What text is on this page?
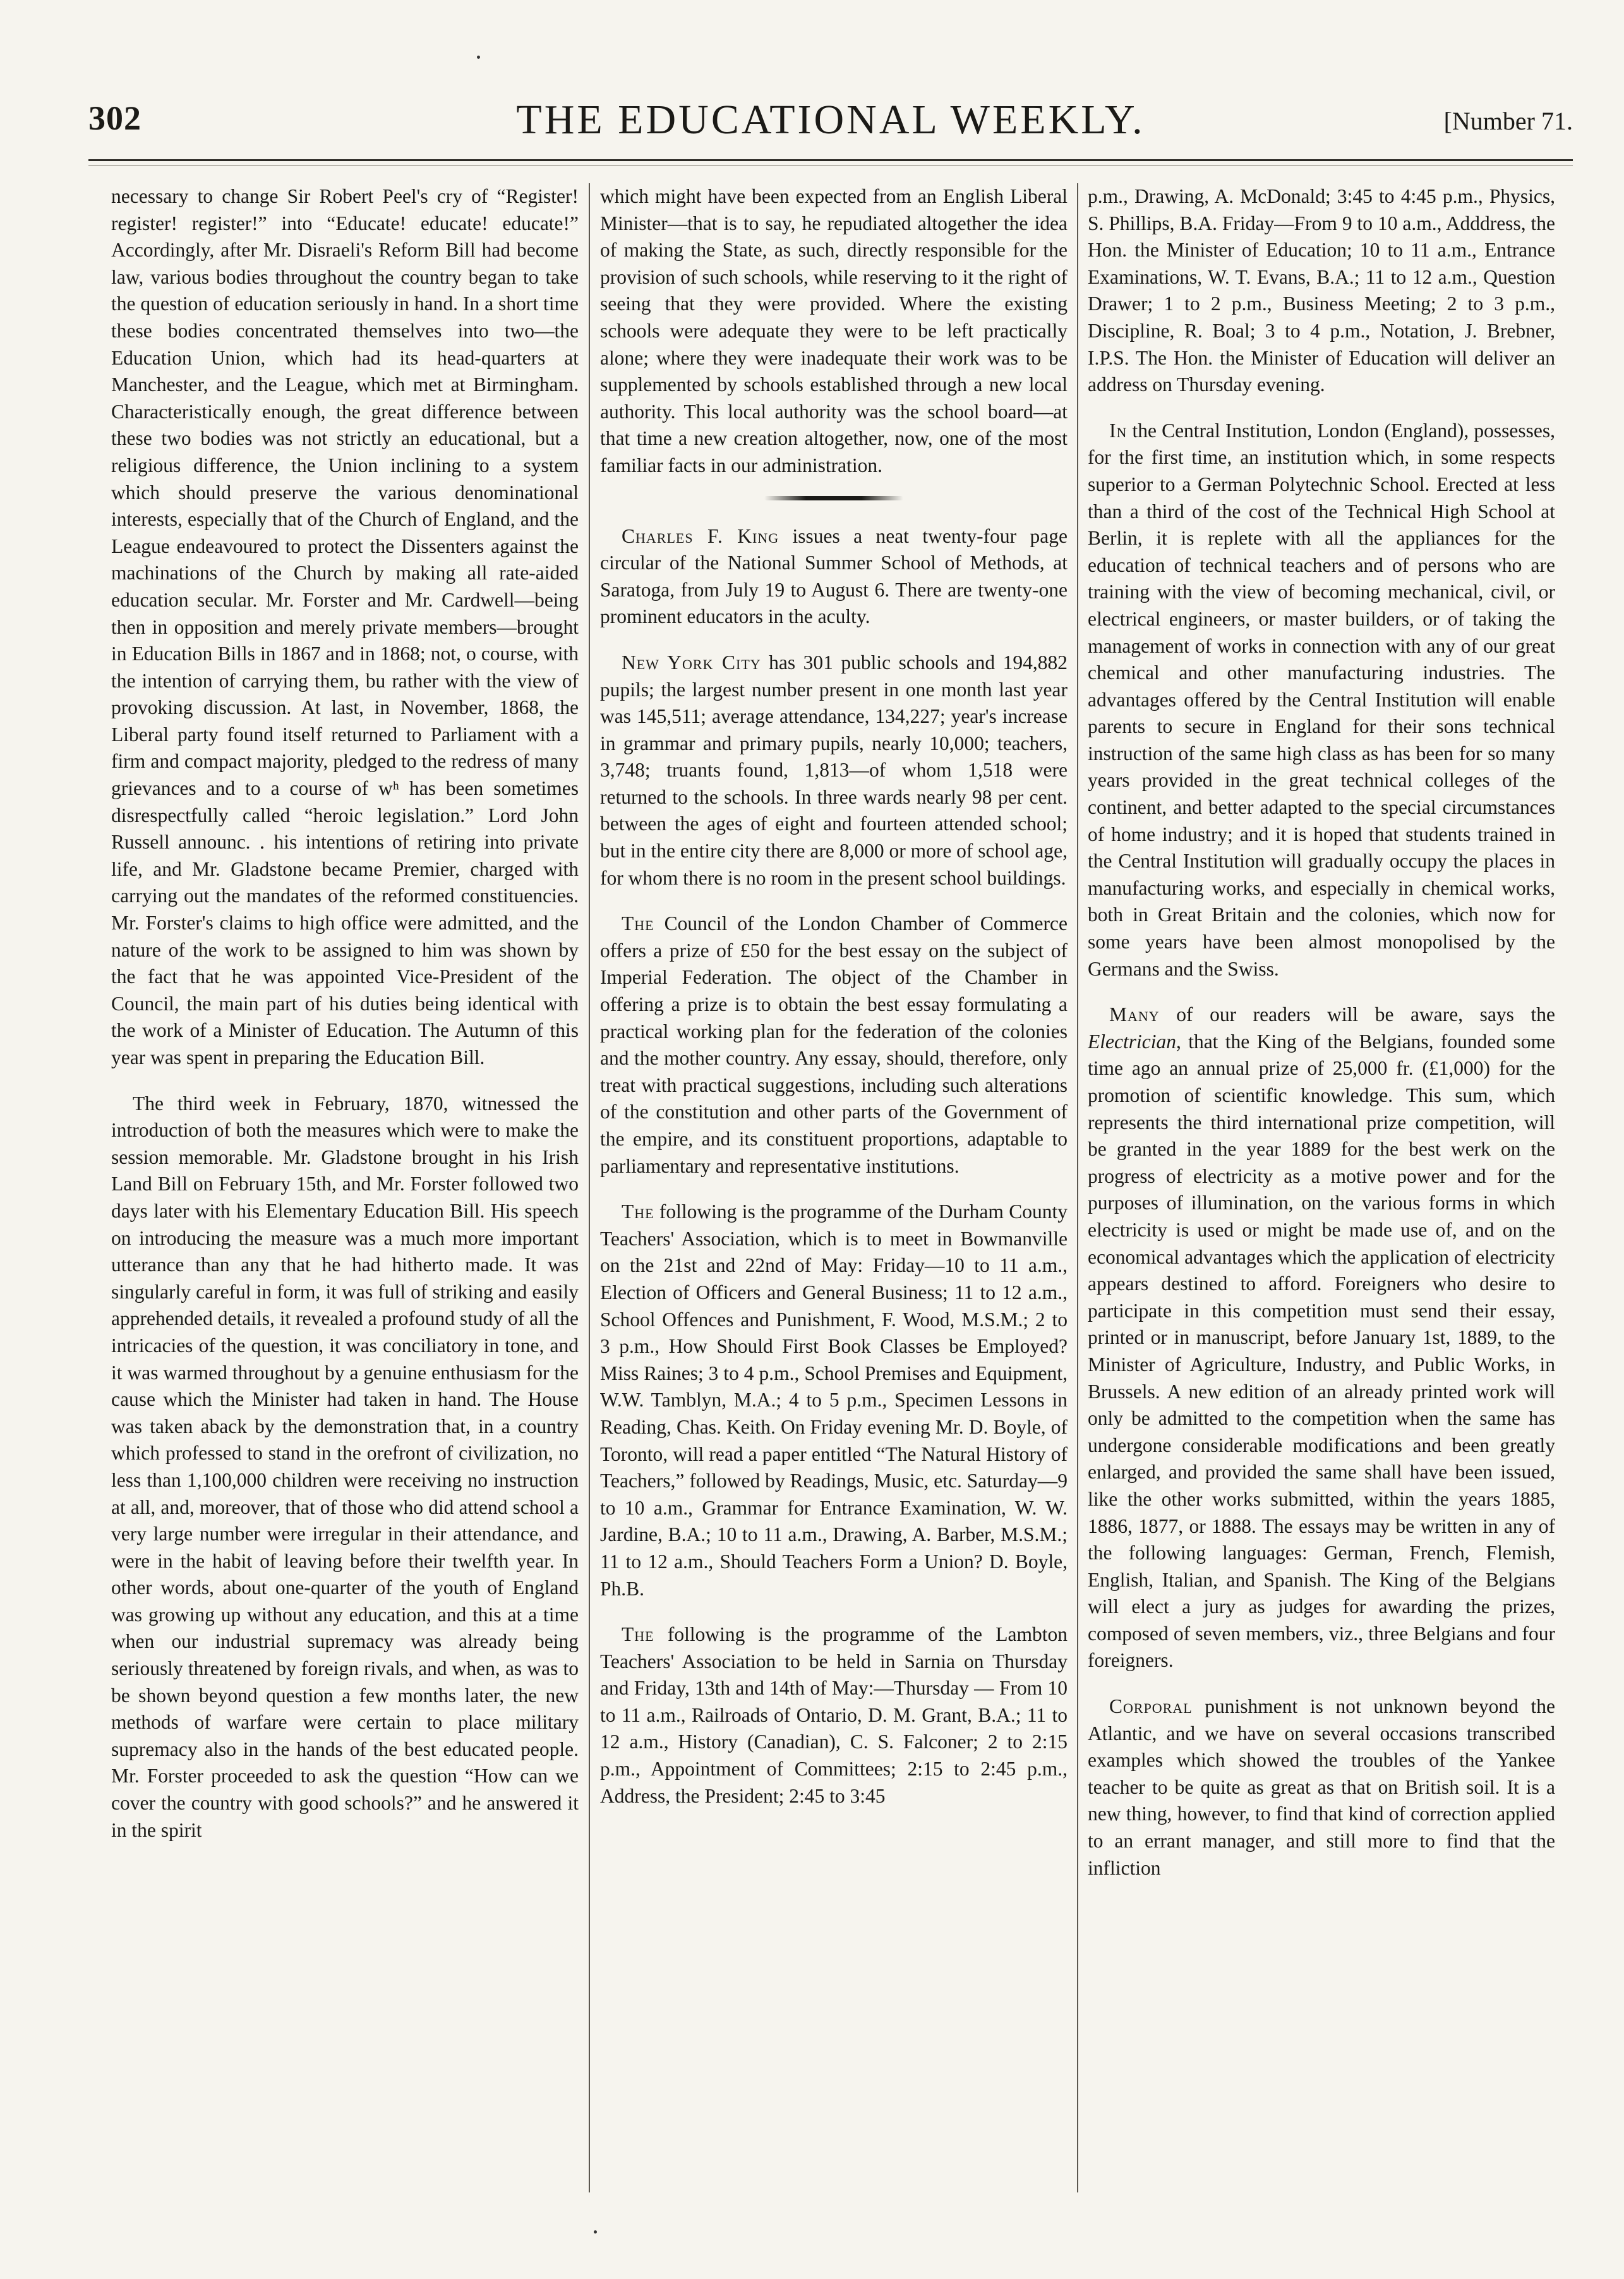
302	THE EDUCATIONAL WEEKLY.	[Number 71.

necessary to change Sir Robert Peel's cry of “Register! register! register!” into “Educate! educate! educate!” Accordingly, after Mr. Disraeli's Reform Bill had become law, various bodies throughout the country began to take the question of education seriously in hand. In a short time these bodies concentrated themselves into two—the Education Union, which had its head-quarters at Manchester, and the League, which met at Birmingham. Characteristically enough, the great difference between these two bodies was not strictly an educational, but a religious difference, the Union inclining to a system which should preserve the various denominational interests, especially that of the Church of England, and the League endeavoured to protect the Dissenters against the machinations of the Church by making all rate-aided education secular. Mr. Forster and Mr. Cardwell—being then in opposition and merely private members—brought in Education Bills in 1867 and in 1868; not, o course, with the intention of carrying them, bu rather with the view of provoking discussion. At last, in November, 1868, the Liberal party found itself returned to Parliament with a firm and compact majority, pledged to the redress of many grievances and to a course of wʰ has been sometimes disrespectfully called “heroic legislation.” Lord John Russell announc. ․ his intentions of retiring into private life, and Mr. Gladstone became Premier, charged with carrying out the mandates of the reformed constituencies. Mr. Forster's claims to high office were admitted, and the nature of the work to be assigned to him was shown by the fact that he was appointed Vice-President of the Council, the main part of his duties being identical with the work of a Minister of Education. The Autumn of this year was spent in preparing the Education Bill.

The third week in February, 1870, witnessed the introduction of both the measures which were to make the session memorable. Mr. Gladstone brought in his Irish Land Bill on February 15th, and Mr. Forster followed two days later with his Elementary Education Bill. His speech on introducing the measure was a much more important utterance than any that he had hitherto made. It was singularly careful in form, it was full of striking and easily apprehended details, it revealed a profound study of all the intricacies of the question, it was conciliatory in tone, and it was warmed throughout by a genuine enthusiasm for the cause which the Minister had taken in hand. The House was taken aback by the demonstration that, in a country which professed to stand in the orefront of civilization, no less than 1,100,000 children were receiving no instruction at all, and, moreover, that of those who did attend school a very large number were irregular in their attendance, and were in the habit of leaving before their twelfth year. In other words, about one-quarter of the youth of England was growing up without any education, and this at a time when our industrial supremacy was already being seriously threatened by foreign rivals, and when, as was to be shown beyond question a few months later, the new methods of warfare were certain to place military supremacy also in the hands of the best educated people. Mr. Forster proceeded to ask the question “How can we cover the country with good schools?” and he answered it in the spirit

which might have been expected from an English Liberal Minister—that is to say, he repudiated altogether the idea of making the State, as such, directly responsible for the provision of such schools, while reserving to it the right of seeing that they were provided. Where the existing schools were adequate they were to be left practically alone; where they were inadequate their work was to be supplemented by schools established through a new local authority. This local authority was the school board—at that time a new creation altogether, now, one of the most familiar facts in our administration.

Charles F. King issues a neat twenty-four page circular of the National Summer School of Methods, at Saratoga, from July 19 to August 6. There are twenty-one prominent educators in the aculty.

New York City has 301 public schools and 194,882 pupils; the largest number present in one month last year was 145,511; average attendance, 134,227; year's increase in grammar and primary pupils, nearly 10,000; teachers, 3,748; truants found, 1,813—of whom 1,518 were returned to the schools. In three wards nearly 98 per cent. between the ages of eight and fourteen attended school; but in the entire city there are 8,000 or more of school age, for whom there is no room in the present school buildings.

The Council of the London Chamber of Commerce offers a prize of £50 for the best essay on the subject of Imperial Federation. The object of the Chamber in offering a prize is to obtain the best essay formulating a practical working plan for the federation of the colonies and the mother country. Any essay, should, therefore, only treat with practical suggestions, including such alterations of the constitution and other parts of the Government of the empire, and its constituent proportions, adaptable to parliamentary and representative institutions.

The following is the programme of the Durham County Teachers' Association, which is to meet in Bowmanville on the 21st and 22nd of May: Friday—10 to 11 a.m., Election of Officers and General Business; 11 to 12 a.m., School Offences and Punishment, F. Wood, M.S.M.; 2 to 3 p.m., How Should First Book Classes be Employed? Miss Raines; 3 to 4 p.m., School Premises and Equipment, W.W. Tamblyn, M.A.; 4 to 5 p.m., Specimen Lessons in Reading, Chas. Keith. On Friday evening Mr. D. Boyle, of Toronto, will read a paper entitled “The Natural History of Teachers,” followed by Readings, Music, etc. Saturday—9 to 10 a.m., Grammar for Entrance Examination, W. W. Jardine, B.A.; 10 to 11 a.m., Drawing, A. Barber, M.S.M.; 11 to 12 a.m., Should Teachers Form a Union? D. Boyle, Ph.B.

The following is the programme of the Lambton Teachers' Association to be held in Sarnia on Thursday and Friday, 13th and 14th of May:—Thursday — From 10 to 11 a.m., Railroads of Ontario, D. M. Grant, B.A.; 11 to 12 a.m., History (Canadian), C. S. Falconer; 2 to 2:15 p.m., Appointment of Committees; 2:15 to 2:45 p.m., Address, the President; 2:45 to 3:45

p.m., Drawing, A. McDonald; 3:45 to 4:45 p.m., Physics, S. Phillips, B.A. Friday—From 9 to 10 a.m., Adddress, the Hon. the Minister of Education; 10 to 11 a.m., Entrance Examinations, W. T. Evans, B.A.; 11 to 12 a.m., Question Drawer; 1 to 2 p.m., Business Meeting; 2 to 3 p.m., Discipline, R. Boal; 3 to 4 p.m., Notation, J. Brebner, I.P.S. The Hon. the Minister of Education will deliver an address on Thursday evening.

In the Central Institution, London (England), possesses, for the first time, an institution which, in some respects superior to a German Polytechnic School. Erected at less than a third of the cost of the Technical High School at Berlin, it is replete with all the appliances for the education of technical teachers and of persons who are training with the view of becoming mechanical, civil, or electrical engineers, or master builders, or of taking the management of works in connection with any of our great chemical and other manufacturing industries. The advantages offered by the Central Institution will enable parents to secure in England for their sons technical instruction of the same high class as has been for so many years provided in the great technical colleges of the continent, and better adapted to the special circumstances of home industry; and it is hoped that students trained in the Central Institution will gradually occupy the places in manufacturing works, and especially in chemical works, both in Great Britain and the colonies, which now for some years have been almost monopolised by the Germans and the Swiss.

Many of our readers will be aware, says the Electrician, that the King of the Belgians, founded some time ago an annual prize of 25,000 fr. (£1,000) for the promotion of scientific knowledge. This sum, which represents the third international prize competition, will be granted in the year 1889 for the best werk on the progress of electricity as a motive power and for the purposes of illumination, on the various forms in which electricity is used or might be made use of, and on the economical advantages which the application of electricity appears destined to afford. Foreigners who desire to participate in this competition must send their essay, printed or in manuscript, before January 1st, 1889, to the Minister of Agriculture, Industry, and Public Works, in Brussels. A new edition of an already printed work will only be admitted to the competition when the same has undergone considerable modifications and been greatly enlarged, and provided the same shall have been issued, like the other works submitted, within the years 1885, 1886, 1877, or 1888. The essays may be written in any of the following languages: German, French, Flemish, English, Italian, and Spanish. The King of the Belgians will elect a jury as judges for awarding the prizes, composed of seven members, viz., three Belgians and four foreigners.

Corporal punishment is not unknown beyond the Atlantic, and we have on several occasions transcribed examples which showed the troubles of the Yankee teacher to be quite as great as that on British soil. It is a new thing, however, to find that kind of correction applied to an errant manager, and still more to find that the infliction
